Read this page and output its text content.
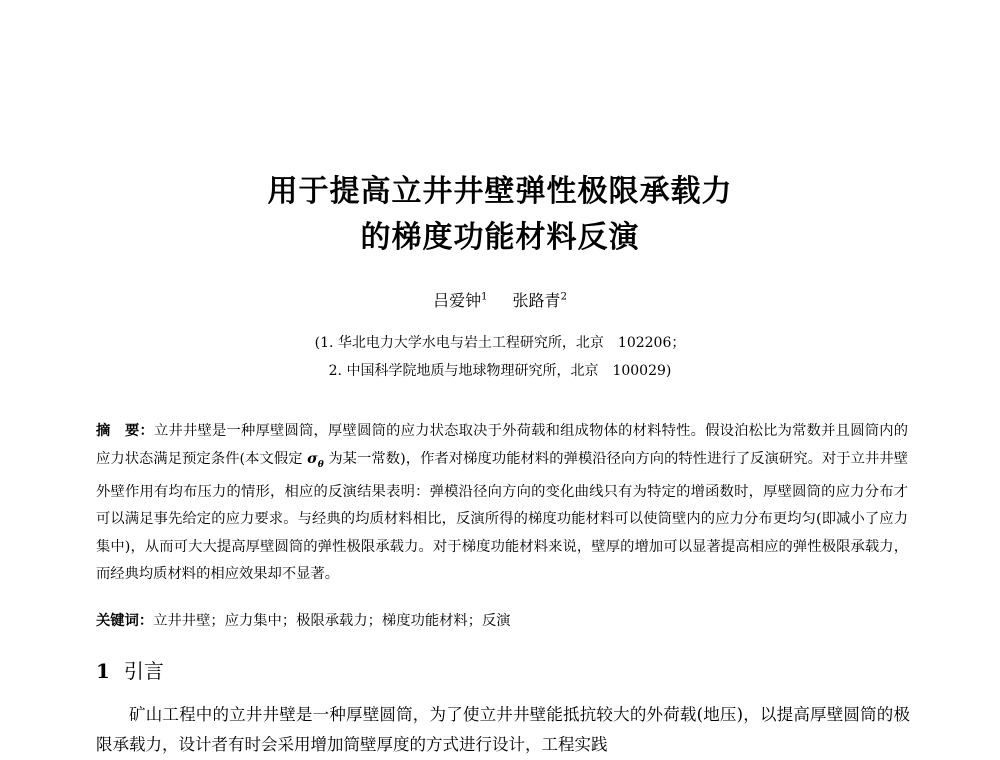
用于提高立井井壁弹性极限承载力
的梯度功能材料反演
吕爱钟$^1$ 张路青$^2$
(1. 华北电力大学水电与岩土工程研究所，北京　102206；
2. 中国科学院地质与地球物理研究所，北京　100029)
摘　要：立井井壁是一种厚壁圆筒，厚壁圆筒的应力状态取决于外荷载和组成物体的材料特性。假设泊松比为常数并且圆筒内的应力状态满足预定条件(本文假定 $\sigma_\theta$ 为某一常数)，作者对梯度功能材料的弹模沿径向方向的特性进行了反演研究。对于立井井壁外壁作用有均布压力的情形，相应的反演结果表明：弹模沿径向方向的变化曲线只有为特定的增函数时，厚壁圆筒的应力分布才可以满足事先给定的应力要求。与经典的均质材料相比，反演所得的梯度功能材料可以使筒壁内的应力分布更均匀(即减小了应力集中)，从而可大大提高厚壁圆筒的弹性极限承载力。对于梯度功能材料来说，壁厚的增加可以显著提高相应的弹性极限承载力，而经典均质材料的相应效果却不显著。
关键词：立井井壁；应力集中；极限承载力；梯度功能材料；反演
1 引言
矿山工程中的立井井壁是一种厚壁圆筒，为了使立井井壁能抵抗较大的外荷载(地压)，以提高厚壁圆筒的极限承载力，设计者有时会采用增加筒壁厚度的方式进行设计，工程实践
